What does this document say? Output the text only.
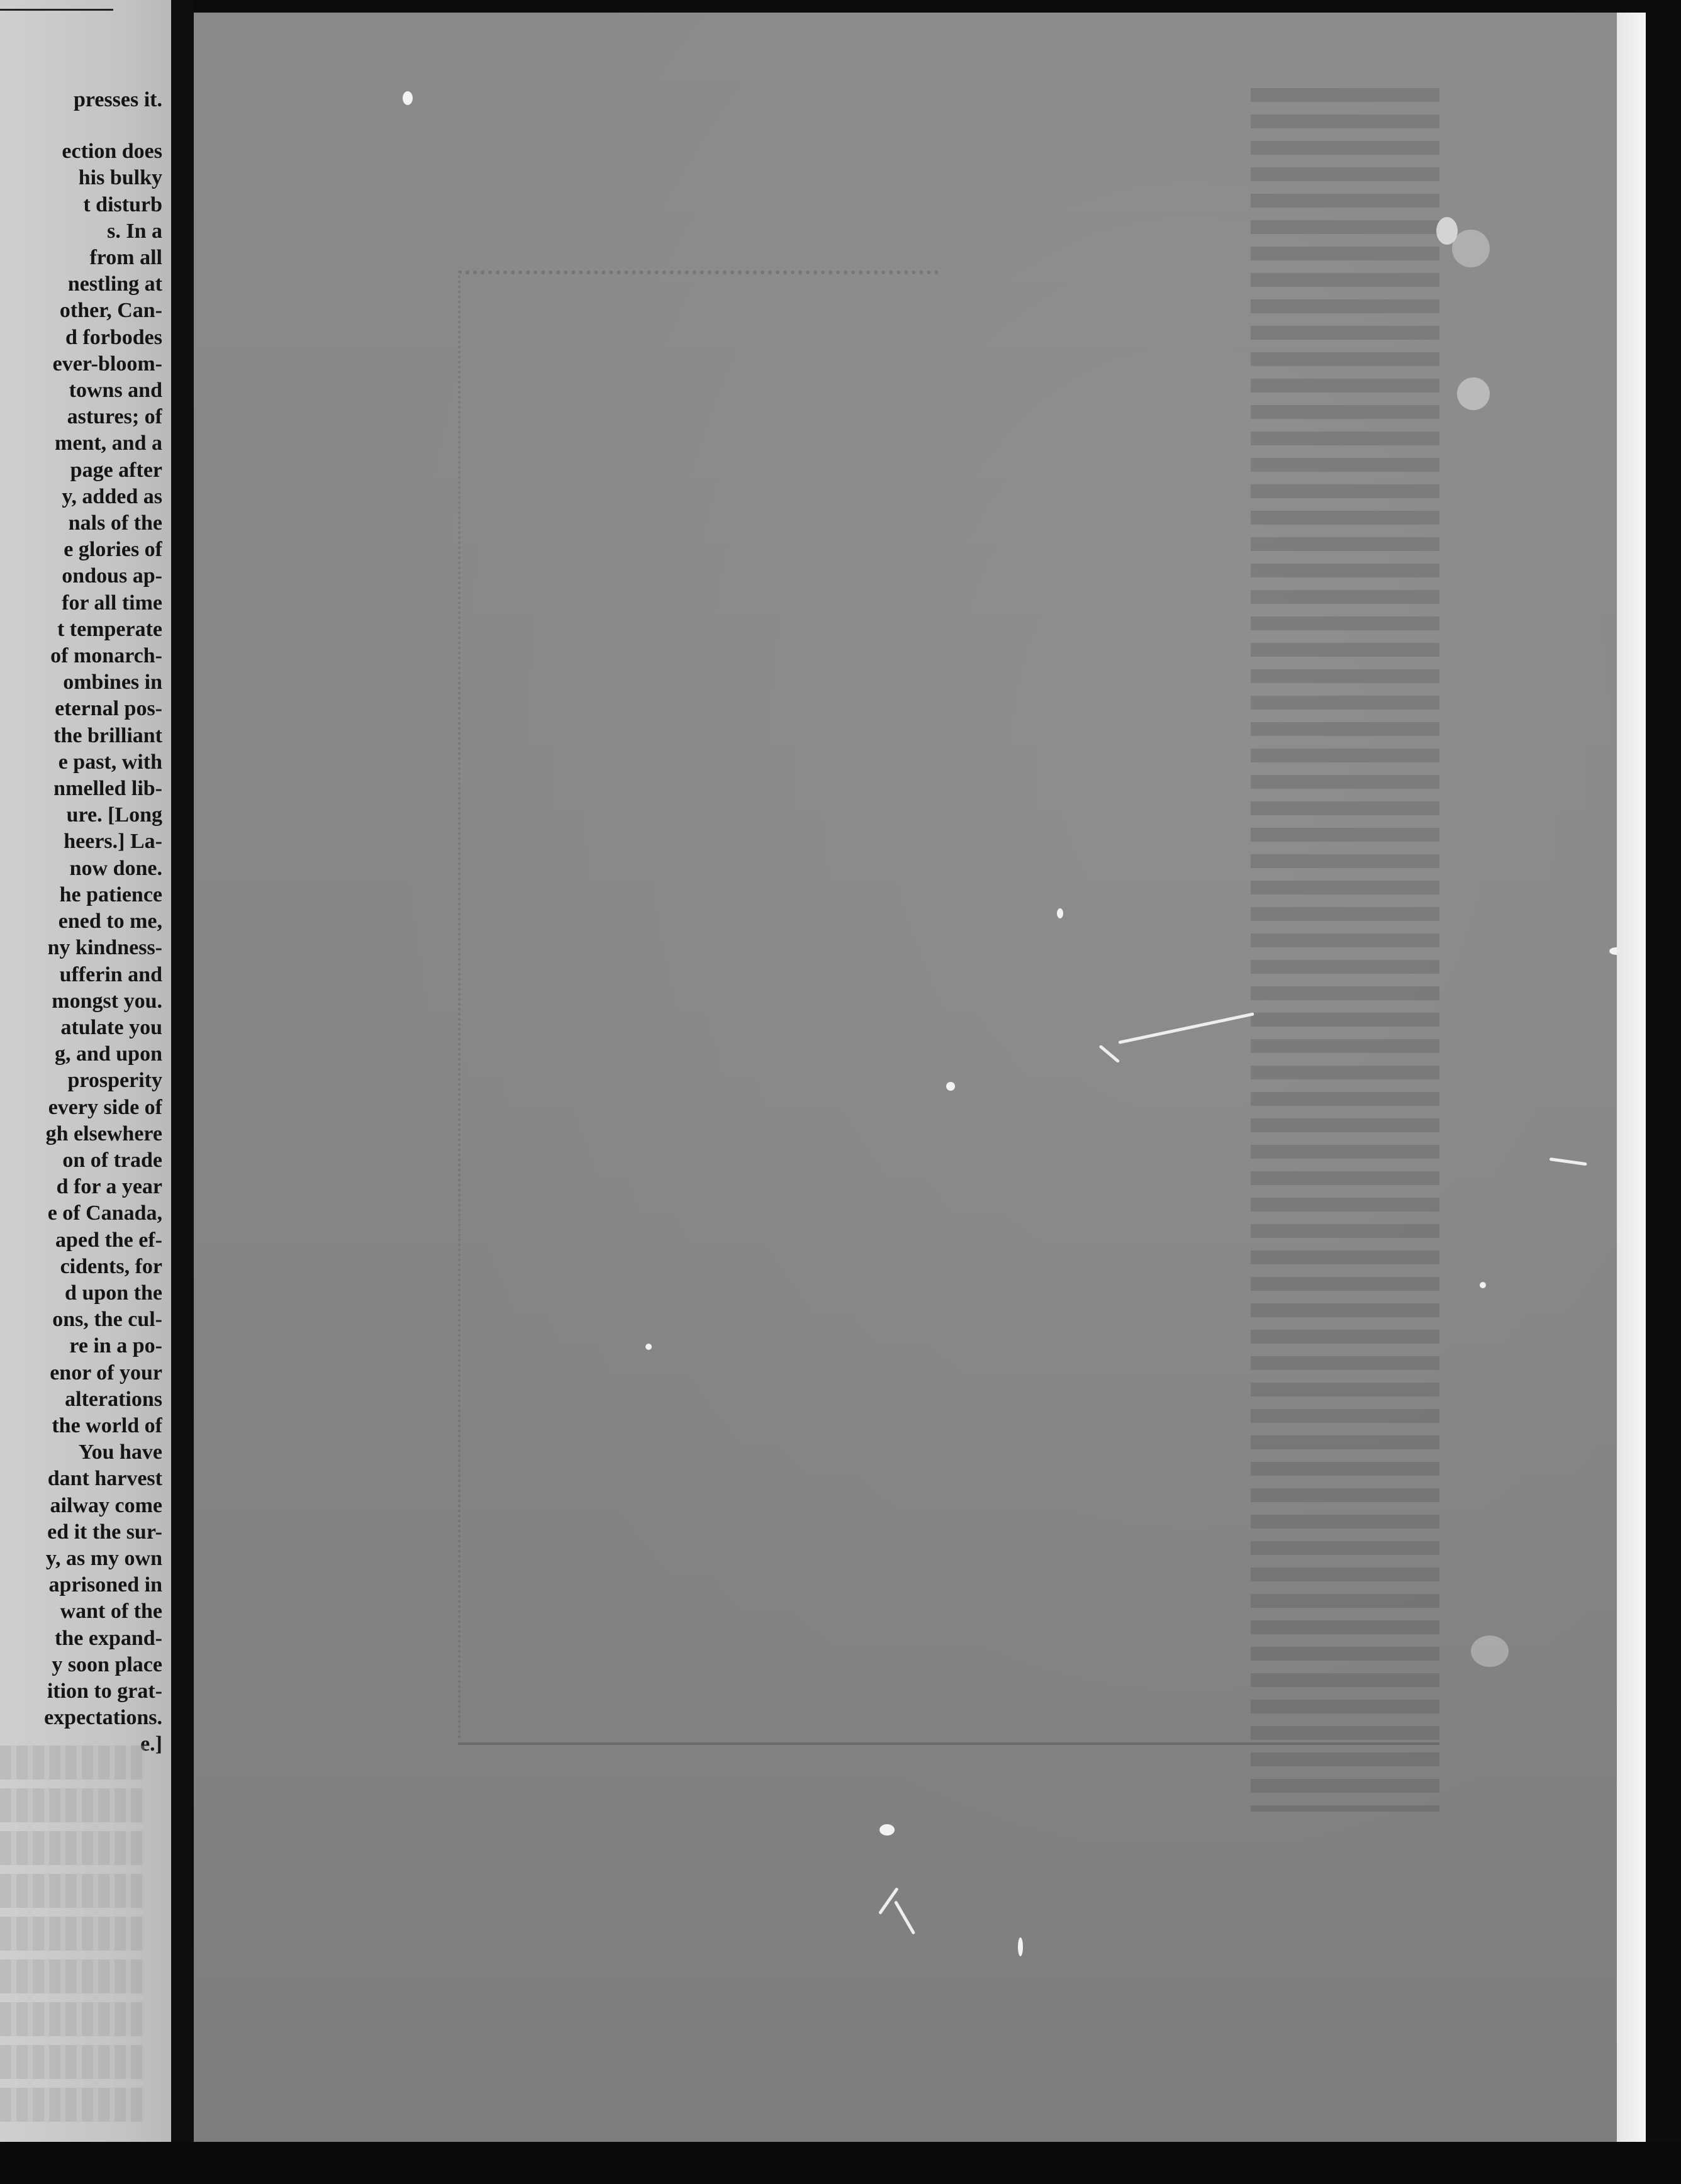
presses it.
ection does
his bulky
t disturb
s. In a
from all
nestling at
other, Can-
d forbodes
ever-bloom-
towns and
astures; of
ment, and a
page after
y, added as
nals of the
e glories of
ondous ap-
for all time
t temperate
of monarch-
ombines in
eternal pos-
the brilliant
e past, with
nmelled lib-
ure. [Long
heers.] La-
now done.
he patience
ened to me,
ny kindness-
ufferin and
mongst you.
atulate you
g, and upon
prosperity
every side of
gh elsewhere
on of trade
d for a year
e of Canada,
aped the ef-
cidents, for
d upon the
ons, the cul-
re in a po-
enor of your
alterations
the world of
You have
dant harvest
ailway come
ed it the sur-
y, as my own
aprisoned in
want of the
the expand-
y soon place
ition to grat-
expectations.
e.]
